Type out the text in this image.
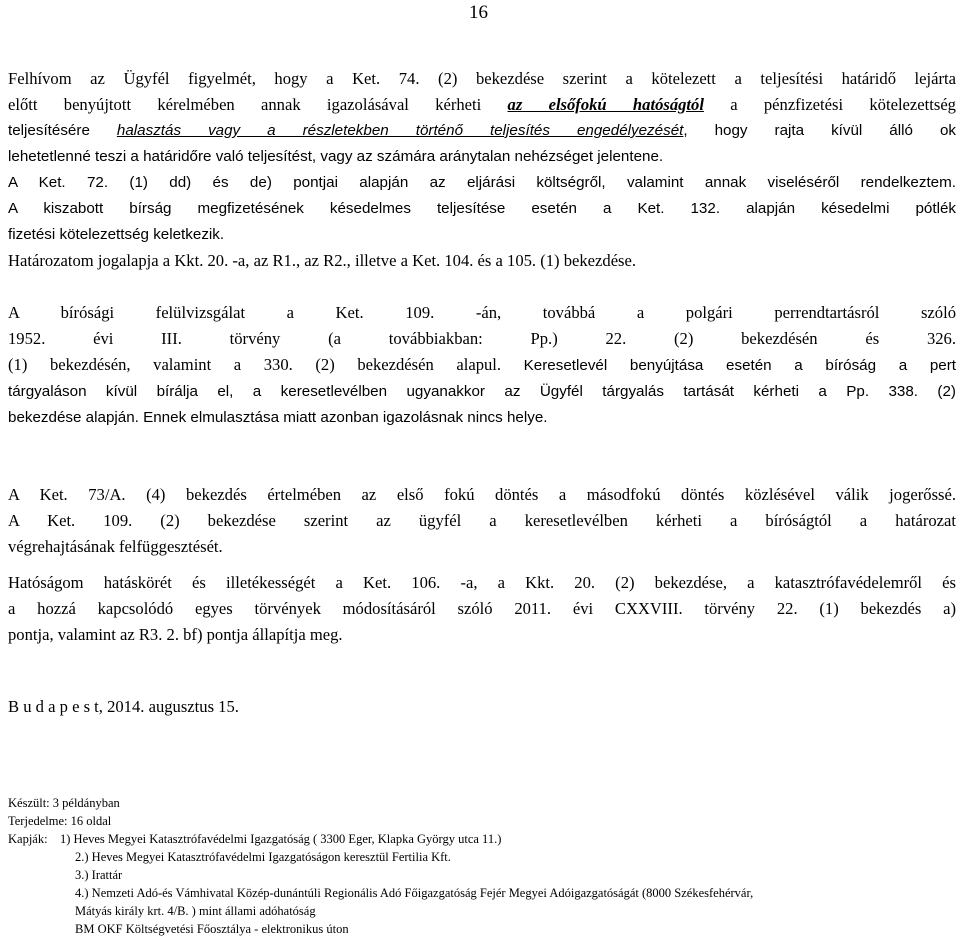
16
Felhívom az Ügyfél figyelmét, hogy a Ket. 74. (2) bekezdése szerint a kötelezett a teljesítési határidő lejárta
előtt benyújtott kérelmében annak igazolásával kérheti az elsőfokú hatóságtól a pénzfizetési kötelezettség
teljesítésére halasztás vagy a részletekben történő teljesítés engedélyezését, hogy rajta kívül álló ok
lehetetlenné teszi a határidőre való teljesítést, vagy az számára aránytalan nehézséget jelentene.
A Ket. 72. (1) dd) és de) pontjai alapján az eljárási költségről, valamint annak viseléséről rendelkeztem.
A kiszabott bírság megfizetésének késedelmes teljesítése esetén a Ket. 132. alapján késedelmi pótlék
fizetési kötelezettség keletkezik.
Határozatom jogalapja a Kkt. 20. -a, az R1., az R2., illetve a Ket. 104. és a 105. (1) bekezdése.
A bírósági felülvizsgálat a Ket. 109. -án, továbbá a polgári perrendtartásról szóló
1952. évi III. törvény (a továbbiakban: Pp.) 22. (2) bekezdésén és 326.
(1) bekezdésén, valamint a 330. (2) bekezdésén alapul. Keresetlevél benyújtása esetén a bíróság a pert
tárgyaláson kívül bírálja el, a keresetlevélben ugyanakkor az Ügyfél tárgyalás tartását kérheti a Pp. 338. (2)
bekezdése alapján. Ennek elmulasztása miatt azonban igazolásnak nincs helye.
A Ket. 73/A. (4) bekezdés értelmében az első fokú döntés a másodfokú döntés közlésével válik jogerőssé.
A Ket. 109. (2) bekezdése szerint az ügyfél a keresetlevélben kérheti a bíróságtól a határozat
végrehajtásának felfüggesztését.
Hatóságom hatáskörét és illetékességét a Ket. 106. -a, a Kkt. 20. (2) bekezdése, a katasztrófavédelemről és
a hozzá kapcsolódó egyes törvények módosításáról szóló 2011. évi CXXVIII. törvény 22. (1) bekezdés a)
pontja, valamint az R3. 2. bf) pontja állapítja meg.
B u d a p e s t, 2014. augusztus 15.
Készült: 3 példányban
Terjedelme: 16 oldal
Kapják: 1) Heves Megyei Katasztrófavédelmi Igazgatóság ( 3300 Eger, Klapka György utca 11.)
2.) Heves Megyei Katasztrófavédelmi Igazgatóságon keresztül Fertilia Kft.
3.) Irattár
4.) Nemzeti Adó-és Vámhivatal Közép-dunántúli Regionális Adó Főigazgatóság Fejér Megyei Adóigazgatóságát (8000 Székesfehérvár,
Mátyás király krt. 4/B. ) mint állami adóhatóság
BM OKF Költségvetési Főosztálya - elektronikus úton
